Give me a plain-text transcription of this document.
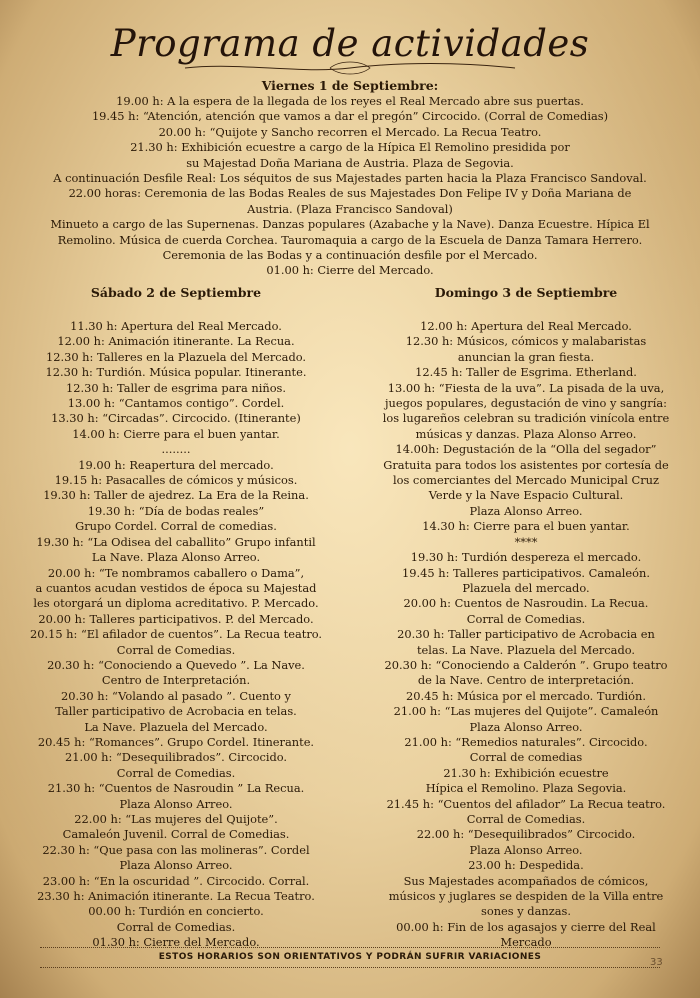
Programa de actividades
Viernes 1 de Septiembre:
19.00 h: A la espera de la llegada de los reyes el Real Mercado abre sus puertas.
19.45 h: “Atención, atención que vamos a dar el pregón” Circocido. (Corral de Comedias)
20.00 h: “Quijote y Sancho recorren el Mercado. La Recua Teatro.
21.30 h: Exhibición ecuestre a cargo de la Hípica El Remolino presidida por
su Majestad Doña Mariana de Austria. Plaza de Segovia.
A continuación Desfile Real: Los séquitos de sus Majestades parten hacia la Plaza Francisco Sandoval.
22.00 horas: Ceremonia de las Bodas Reales de sus Majestades Don Felipe IV y Doña Mariana de
Austria. (Plaza Francisco Sandoval)
Minueto a cargo de las Supernenas. Danzas populares (Azabache y la Nave). Danza Ecuestre. Hípica El
Remolino. Música de cuerda Corchea. Tauromaquia a cargo de la Escuela de Danza Tamara Herrero.
Ceremonia de las Bodas y a continuación desfile por el Mercado.
01.00 h: Cierre del Mercado.
Sábado 2 de Septiembre
11.30 h: Apertura del Real Mercado.
12.00 h: Animación itinerante. La Recua.
12.30 h: Talleres en la Plazuela del Mercado.
12.30 h: Turdión. Música popular. Itinerante.
12.30 h: Taller de esgrima para niños.
13.00 h: “Cantamos contigo”. Cordel.
13.30 h: “Circadas”. Circocido. (Itinerante)
14.00 h: Cierre para el buen yantar.
........
19.00 h: Reapertura del mercado.
19.15 h: Pasacalles de cómicos y músicos.
19.30 h: Taller de ajedrez. La Era de la Reina.
19.30 h: “Día de bodas reales”
Grupo Cordel. Corral de comedias.
19.30 h: “La Odisea del caballito” Grupo infantil
La Nave. Plaza Alonso Arreo.
20.00 h: “Te nombramos caballero o Dama”,
a cuantos acudan vestidos de época su Majestad
les otorgará un diploma acreditativo. P. Mercado.
20.00 h: Talleres participativos. P. del Mercado.
20.15 h: “El afilador de cuentos”. La Recua teatro.
Corral de Comedias.
20.30 h: “Conociendo a Quevedo ”. La Nave.
Centro de Interpretación.
20.30 h: “Volando al pasado ”. Cuento y
Taller participativo de Acrobacia en telas.
La Nave. Plazuela del Mercado.
20.45 h: “Romances”. Grupo Cordel. Itinerante.
21.00 h: “Desequilibrados”. Circocido.
Corral de Comedias.
21.30 h: “Cuentos de Nasroudin ” La Recua.
Plaza Alonso Arreo.
22.00 h: “Las mujeres del Quijote”.
Camaleón Juvenil. Corral de Comedias.
22.30 h: “Que pasa con las molineras”. Cordel
Plaza Alonso Arreo.
23.00 h: “En la oscuridad ”. Circocido. Corral.
23.30 h: Animación itinerante. La Recua Teatro.
00.00 h: Turdión en concierto.
Corral de Comedias.
01.30 h: Cierre del Mercado.
Domingo 3 de Septiembre
12.00 h: Apertura del Real Mercado.
12.30 h: Músicos, cómicos y malabaristas
anuncian la gran fiesta.
12.45 h: Taller de Esgrima. Etherland.
13.00 h: “Fiesta de la uva”. La pisada de la uva,
juegos populares, degustación de vino y sangría:
los lugareños celebran su tradición vinícola entre
músicas y danzas. Plaza Alonso Arreo.
14.00h: Degustación de la “Olla del segador”
Gratuita para todos los asistentes por cortesía de
los comerciantes del Mercado Municipal Cruz
Verde y la Nave Espacio Cultural.
Plaza Alonso Arreo.
14.30 h: Cierre para el buen yantar.
****
19.30 h: Turdión despereza el mercado.
19.45 h: Talleres participativos. Camaleón.
Plazuela del mercado.
20.00 h: Cuentos de Nasroudin. La Recua.
Corral de Comedias.
20.30 h: Taller participativo de Acrobacia en
telas. La Nave. Plazuela del Mercado.
20.30 h: “Conociendo a Calderón ”. Grupo teatro
de la Nave. Centro de interpretación.
20.45 h: Música por el mercado. Turdión.
21.00 h: “Las mujeres del Quijote”. Camaleón
Plaza Alonso Arreo.
21.00 h: “Remedios naturales”. Circocido.
Corral de comedias
21.30 h: Exhibición ecuestre
Hípica el Remolino. Plaza Segovia.
21.45 h: “Cuentos del afilador” La Recua teatro.
Corral de Comedias.
22.00 h: “Desequilibrados” Circocido.
Plaza Alonso Arreo.
23.00 h: Despedida.
Sus Majestades acompañados de cómicos,
músicos y juglares se despiden de la Villa entre
sones y danzas.
00.00 h: Fin de los agasajos y cierre del Real
Mercado
ESTOS HORARIOS SON ORIENTATIVOS Y PODRÁN SUFRIR VARIACIONES	33
